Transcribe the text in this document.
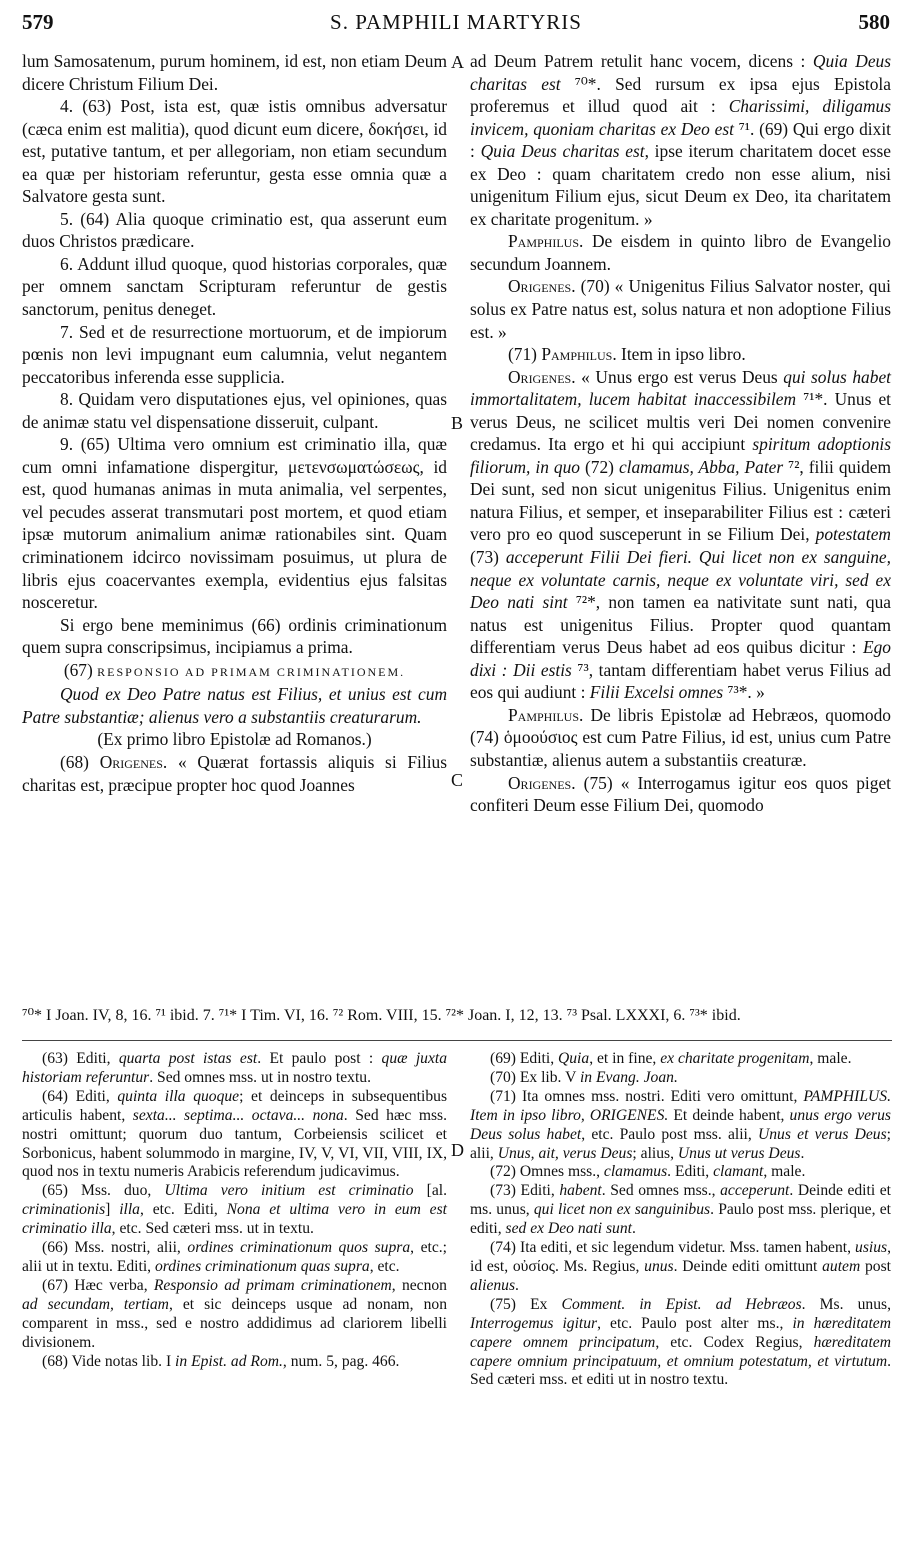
579	S. PAMPHILI MARTYRIS	580

lum Samosatenum, purum hominem, id est, non etiam Deum dicere Christum Filium Dei.

4. (63) Post, ista est, quæ istis omnibus adversatur (cæca enim est malitia), quod dicunt eum dicere, δοκήσει, id est, putative tantum, et per allegoriam, non etiam secundum ea quæ per historiam referuntur, gesta esse omnia quæ a Salvatore gesta sunt.

5. (64) Alia quoque criminatio est, qua asserunt eum duos Christos prædicare.

6. Addunt illud quoque, quod historias corporales, quæ per omnem sanctam Scripturam referuntur de gestis sanctorum, penitus deneget.

7. Sed et de resurrectione mortuorum, et de impiorum pœnis non levi impugnant eum calumnia, velut negantem peccatoribus inferenda esse supplicia.

8. Quidam vero disputationes ejus, vel opiniones, quas de animæ statu vel dispensatione disseruit, culpant.

9. (65) Ultima vero omnium est criminatio illa, quæ cum omni infamatione dispergitur, μετενσωματώσεως, id est, quod humanas animas in muta animalia, vel serpentes, vel pecudes asserat transmutari post mortem, et quod etiam ipsæ mutorum animalium animæ rationabiles sint. Quam criminationem idcirco novissimam posuimus, ut plura de libris ejus coacervantes exempla, evidentius ejus falsitas nosceretur.

Si ergo bene meminimus (66) ordinis criminationum quem supra conscripsimus, incipiamus a prima.

(67) RESPONSIO AD PRIMAM CRIMINATIONEM.

Quod ex Deo Patre natus est Filius, et unius est cum Patre substantiæ; alienus vero a substantiis creaturarum.

(Ex primo libro Epistolæ ad Romanos.)

(68) Origenes. « Quærat fortassis aliquis si Filius charitas est, præcipue propter hoc quod Joannes

ad Deum Patrem retulit hanc vocem, dicens : Quia Deus charitas est ⁷⁰*. Sed rursum ex ipsa ejus Epistola proferemus et illud quod ait : Charissimi, diligamus invicem, quoniam charitas ex Deo est ⁷¹. (69) Qui ergo dixit : Quia Deus charitas est, ipse iterum charitatem docet esse ex Deo : quam charitatem credo non esse alium, nisi unigenitum Filium ejus, sicut Deum ex Deo, ita charitatem ex charitate progenitum. »

Pamphilus. De eisdem in quinto libro de Evangelio secundum Joannem.

Origenes. (70) « Unigenitus Filius Salvator noster, qui solus ex Patre natus est, solus natura et non adoptione Filius est. »

(71) Pamphilus. Item in ipso libro.

Origenes. « Unus ergo est verus Deus qui solus habet immortalitatem, lucem habitat inaccessibilem ⁷¹*. Unus et verus Deus, ne scilicet multis veri Dei nomen convenire credamus. Ita ergo et hi qui accipiunt spiritum adoptionis filiorum, in quo (72) clamamus, Abba, Pater ⁷², filii quidem Dei sunt, sed non sicut unigenitus Filius. Unigenitus enim natura Filius, et semper, et inseparabiliter Filius est : cæteri vero pro eo quod susceperunt in se Filium Dei, potestatem (73) acceperunt Filii Dei fieri. Qui licet non ex sanguine, neque ex voluntate carnis, neque ex voluntate viri, sed ex Deo nati sint ⁷²*, non tamen ea nativitate sunt nati, qua natus est unigenitus Filius. Propter quod quantam differentiam verus Deus habet ad eos quibus dicitur : Ego dixi : Dii estis ⁷³, tantam differentiam habet verus Filius ad eos qui audiunt : Filii Excelsi omnes ⁷³*. »

Pamphilus. De libris Epistolæ ad Hebræos, quomodo (74) ὁμοούσιος est cum Patre Filius, id est, unius cum Patre substantiæ, alienus autem a substantiis creaturæ.

Origenes. (75) « Interrogamus igitur eos quos piget confiteri Deum esse Filium Dei, quomodo

A
B
C
D
⁷⁰* I Joan. IV, 8, 16. ⁷¹ ibid. 7. ⁷¹* I Tim. VI, 16. ⁷² Rom. VIII, 15. ⁷²* Joan. I, 12, 13. ⁷³ Psal. LXXXI, 6. ⁷³* ibid.

(63) Editi, quarta post istas est. Et paulo post : quæ juxta historiam referuntur. Sed omnes mss. ut in nostro textu.

(64) Editi, quinta illa quoque; et deinceps in subsequentibus articulis habent, sexta... septima... octava... nona. Sed hæc mss. nostri omittunt; quorum duo tantum, Corbeiensis scilicet et Sorbonicus, habent solummodo in margine, IV, V, VI, VII, VIII, IX, quod nos in textu numeris Arabicis referendum judicavimus.

(65) Mss. duo, Ultima vero initium est criminatio [al. criminationis] illa, etc. Editi, Nona et ultima vero in eum est criminatio illa, etc. Sed cæteri mss. ut in textu.

(66) Mss. nostri, alii, ordines criminationum quos supra, etc.; alii ut in textu. Editi, ordines criminationum quas supra, etc.

(67) Hæc verba, Responsio ad primam criminationem, necnon ad secundam, tertiam, et sic deinceps usque ad nonam, non comparent in mss., sed e nostro addidimus ad clariorem libelli divisionem.

(68) Vide notas lib. I in Epist. ad Rom., num. 5, pag. 466.

(69) Editi, Quia, et in fine, ex charitate progenitam, male.

(70) Ex lib. V in Evang. Joan.

(71) Ita omnes mss. nostri. Editi vero omittunt, PAMPHILUS. Item in ipso libro, ORIGENES. Et deinde habent, unus ergo verus Deus solus habet, etc. Paulo post mss. alii, Unus et verus Deus; alii, Unus, ait, verus Deus; alius, Unus ut verus Deus.

(72) Omnes mss., clamamus. Editi, clamant, male.

(73) Editi, habent. Sed omnes mss., acceperunt. Deinde editi et ms. unus, qui licet non ex sanguinibus. Paulo post mss. plerique, et editi, sed ex Deo nati sunt.

(74) Ita editi, et sic legendum videtur. Mss. tamen habent, usius, id est, οὐσίος. Ms. Regius, unus. Deinde editi omittunt autem post alienus.

(75) Ex Comment. in Epist. ad Hebræos. Ms. unus, Interrogemus igitur, etc. Paulo post alter ms., in hæreditatem capere omnem principatum, etc. Codex Regius, hæreditatem capere omnium principatuum, et omnium potestatum, et virtutum. Sed cæteri mss. et editi ut in nostro textu.
